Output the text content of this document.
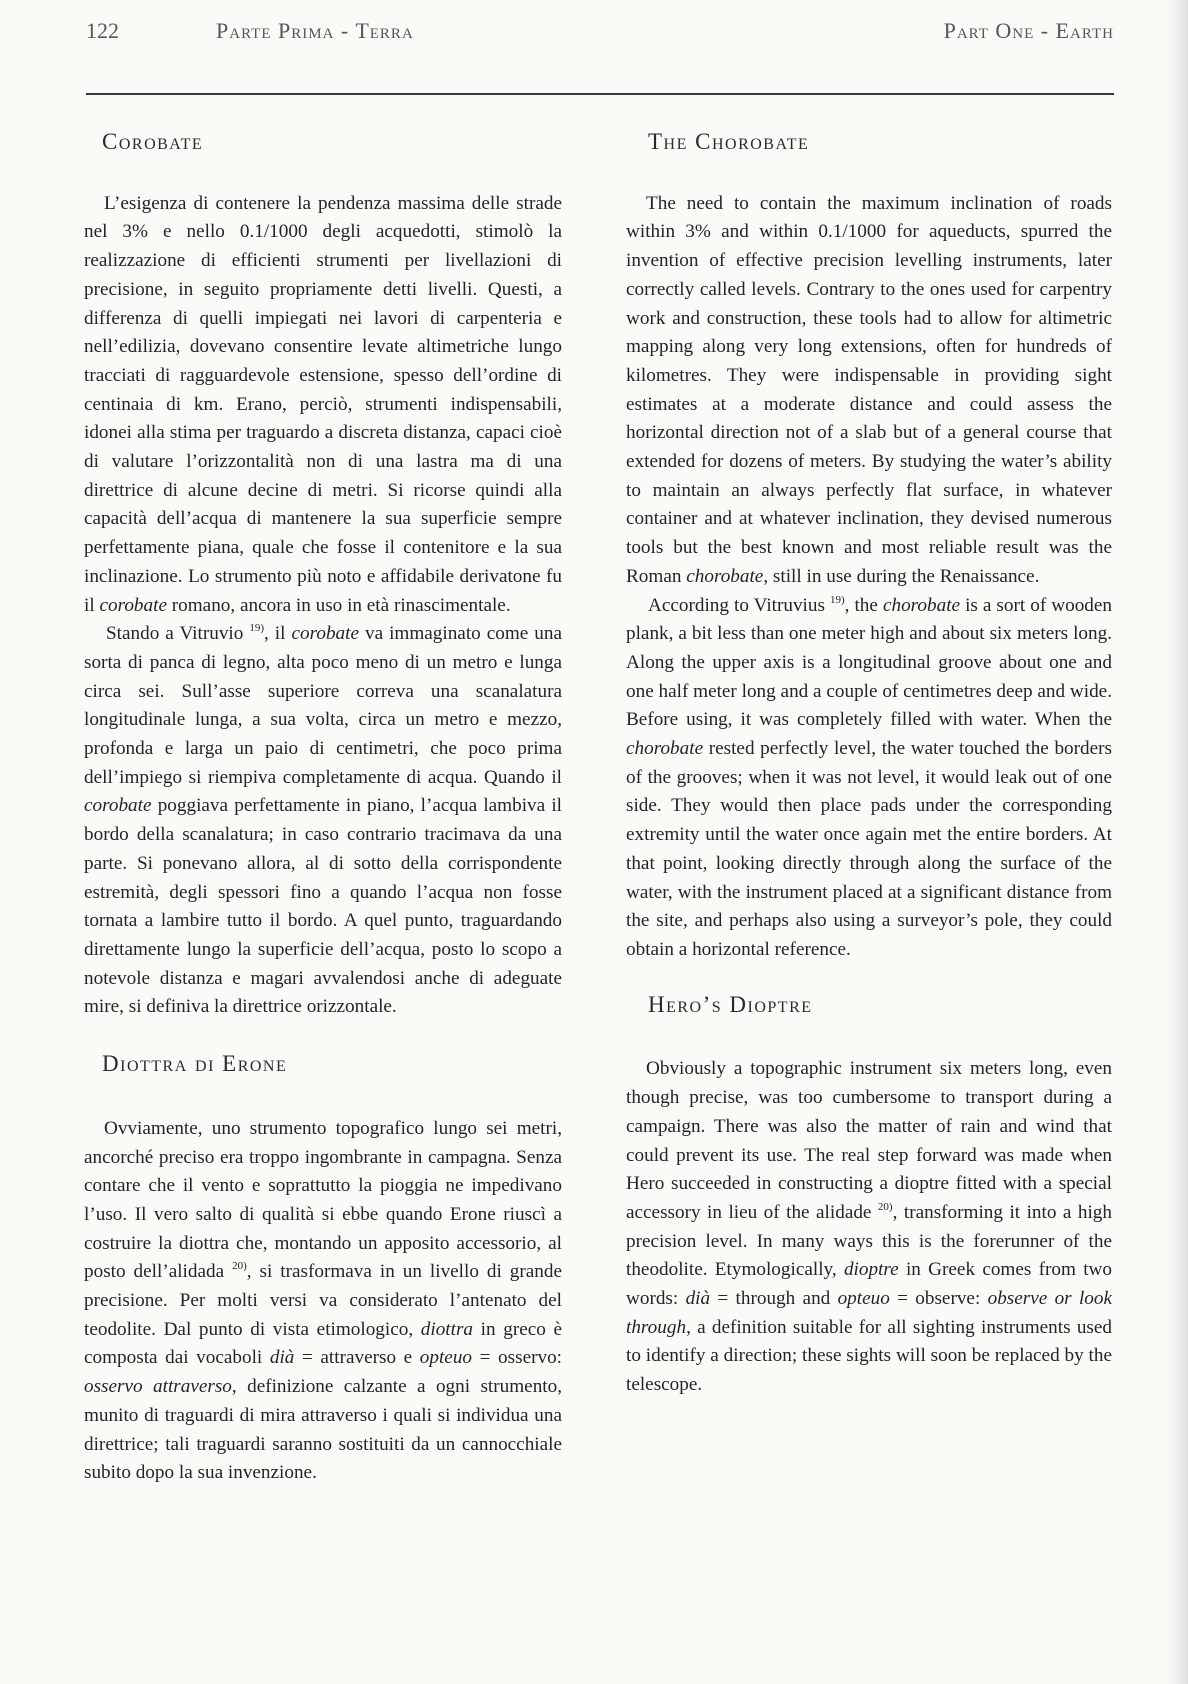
122	Parte Prima - Terra	Part One - Earth
Corobate

L’esigenza di contenere la pendenza massima delle strade nel 3% e nello 0.1/1000 degli acquedotti, stimolò la realizzazione di efficienti strumenti per livellazioni di precisione, in seguito propriamente detti livelli. Questi, a differenza di quelli impiegati nei lavori di carpenteria e nell’edilizia, dovevano consentire levate altimetriche lungo tracciati di ragguardevole estensione, spesso dell’ordine di centinaia di km. Erano, perciò, strumenti indispensabili, idonei alla stima per traguardo a discreta distanza, capaci cioè di valutare l’orizzontalità non di una lastra ma di una direttrice di alcune decine di metri. Si ricorse quindi alla capacità dell’acqua di mantenere la sua superficie sempre perfettamente piana, quale che fosse il contenitore e la sua inclinazione. Lo strumento più noto e affidabile derivatone fu il corobate romano, ancora in uso in età rinascimentale.

Stando a Vitruvio $^{19)}$, il corobate va immaginato come una sorta di panca di legno, alta poco meno di un metro e lunga circa sei. Sull’asse superiore correva una scanalatura longitudinale lunga, a sua volta, circa un metro e mezzo, profonda e larga un paio di centimetri, che poco prima dell’impiego si riempiva completamente di acqua. Quando il corobate poggiava perfettamente in piano, l’acqua lambiva il bordo della scanalatura; in caso contrario tracimava da una parte. Si ponevano allora, al di sotto della corrispondente estremità, degli spessori fino a quando l’acqua non fosse tornata a lambire tutto il bordo. A quel punto, traguardando direttamente lungo la superficie dell’acqua, posto lo scopo a notevole distanza e magari avvalendosi anche di adeguate mire, si definiva la direttrice orizzontale.

Diottra di Erone

Ovviamente, uno strumento topografico lungo sei metri, ancorché preciso era troppo ingombrante in campagna. Senza contare che il vento e soprattutto la pioggia ne impedivano l’uso. Il vero salto di qualità si ebbe quando Erone riuscì a costruire la diottra che, montando un apposito accessorio, al posto dell’alidada $^{20)}$, si trasformava in un livello di grande precisione. Per molti versi va considerato l’antenato del teodolite. Dal punto di vista etimologico, diottra in greco è composta dai vocaboli dià = attraverso e opteuo = osservo: osservo attraverso, definizione calzante a ogni strumento, munito di traguardi di mira attraverso i quali si individua una direttrice; tali traguardi saranno sostituiti da un cannocchiale subito dopo la sua invenzione.

The Chorobate

The need to contain the maximum inclination of roads within 3% and within 0.1/1000 for aqueducts, spurred the invention of effective precision levelling instruments, later correctly called levels. Contrary to the ones used for carpentry work and construction, these tools had to allow for altimetric mapping along very long extensions, often for hundreds of kilometres. They were indispensable in providing sight estimates at a moderate distance and could assess the horizontal direction not of a slab but of a general course that extended for dozens of meters. By studying the water’s ability to maintain an always perfectly flat surface, in whatever container and at whatever inclination, they devised numerous tools but the best known and most reliable result was the Roman chorobate, still in use during the Renaissance.

According to Vitruvius $^{19)}$, the chorobate is a sort of wooden plank, a bit less than one meter high and about six meters long. Along the upper axis is a longitudinal groove about one and one half meter long and a couple of centimetres deep and wide. Before using, it was completely filled with water. When the chorobate rested perfectly level, the water touched the borders of the grooves; when it was not level, it would leak out of one side. They would then place pads under the corresponding extremity until the water once again met the entire borders. At that point, looking directly through along the surface of the water, with the instrument placed at a significant distance from the site, and perhaps also using a surveyor’s pole, they could obtain a horizontal reference.

Hero’s Dioptre

Obviously a topographic instrument six meters long, even though precise, was too cumbersome to transport during a campaign. There was also the matter of rain and wind that could prevent its use. The real step forward was made when Hero succeeded in constructing a dioptre fitted with a special accessory in lieu of the alidade $^{20)}$, transforming it into a high precision level. In many ways this is the forerunner of the theodolite. Etymologically, dioptre in Greek comes from two words: dià = through and opteuo = observe: observe or look through, a definition suitable for all sighting instruments used to identify a direction; these sights will soon be replaced by the telescope.
